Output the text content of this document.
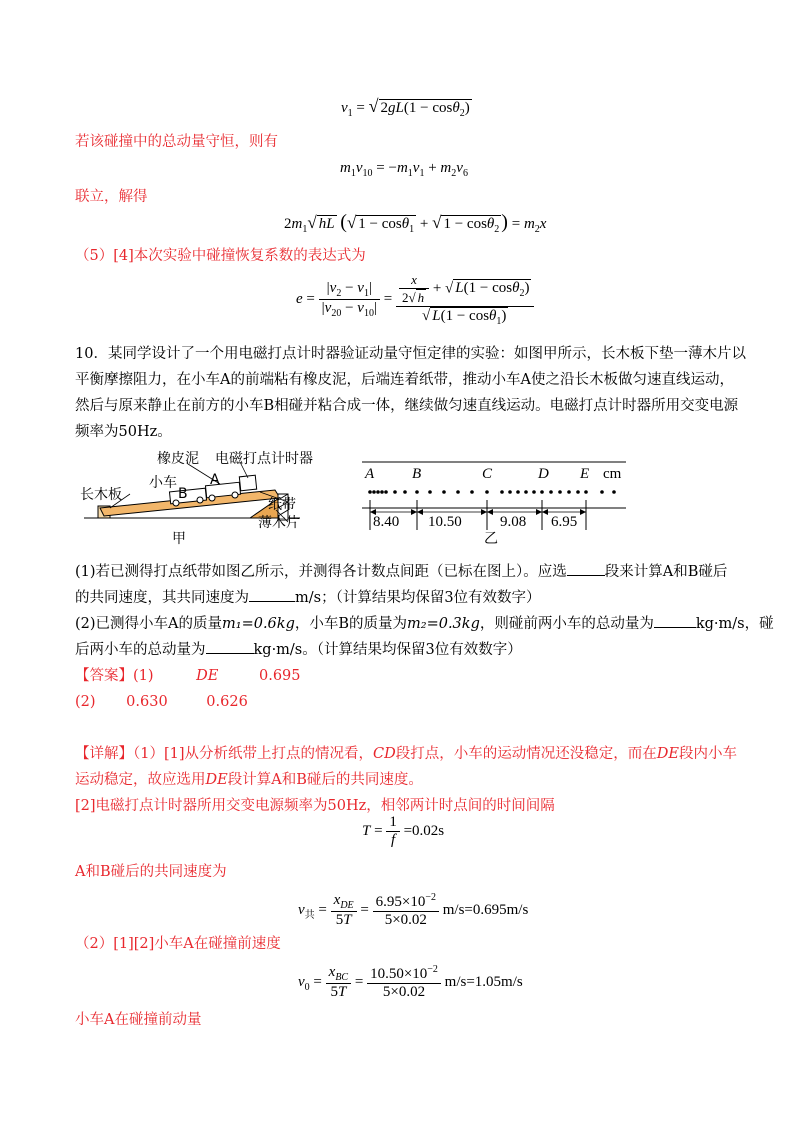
$v_1$ = √ 2gL(1 − cosθ$_2$)
若该碰撞中的总动量守恒，则有
$m_1v_{10} = -m_1v_1 + m_2v_6$
联立，解得
$2m_1√$ hL (√ 1 − cosθ$_1$ + √ 1 − cosθ$_2$ ) = $m_2x$
（5）[4]本次实验中碰撞恢复系数的表达式为
$e = \frac{|v_2 - v_1|}{|v_{20} - v_{10}|} = \frac{\frac{x}{2√ h} + √ L(1 - \cos\theta_2)}{√ L(1 - \cos\theta_1)}$
10．某同学设计了一个用电磁打点计时器验证动量守恒定律的实验：如图甲所示，长木板下垫一薄木片以
平衡摩擦阻力，在小车A的前端粘有橡皮泥，后端连着纸带，推动小车A使之沿长木板做匀速直线运动，
然后与原来静止在前方的小车B相碰并粘合成一体，继续做匀速直线运动。电磁打点计时器所用交变电源
频率为50Hz。
橡皮泥 电磁打点计时器
小车 A
B
长木板
纸带
薄木片
甲
A	B	C	D E cm
8.40 10.50	9.08 6.95
乙
(1)若已测得打点纸带如图乙所示，并测得各计数点间距（已标在图上）。应选	段来计算A和B碰后
的共同速度，其共同速度为	m/s；（计算结果均保留3位有效数字）
(2)已测得小车A的质量m₁=0.6kg，小车B的质量为m₂=0.3kg，则碰前两小车的总动量为	kg·m/s，碰
后两小车的总动量为	kg·m/s。（计算结果均保留3位有效数字）
【答案】(1)	DE	0.695
(2) 0.630	0.626
【详解】（1）[1]从分析纸带上打点的情况看，CD段打点，小车的运动情况还没稳定，而在DE段内小车
运动稳定，故应选用DE段计算A和B碰后的共同速度。
[2]电磁打点计时器所用交变电源频率为50Hz，相邻两计时点间的时间间隔
$T = \frac{1}{f} =0.02s$
A和B碰后的共同速度为
$v_共 = \frac{x_{DE}}{5T} = \frac{6.95\times 10^{-2}}{5\times 0.02} m/s=0.695m/s$
（2）[1][2]小车A在碰撞前速度
$v_0 = \frac{x_{BC}}{5T} = \frac{10.50\times 10^{-2}}{5\times 0.02} m/s=1.05m/s$
小车A在碰撞前动量
